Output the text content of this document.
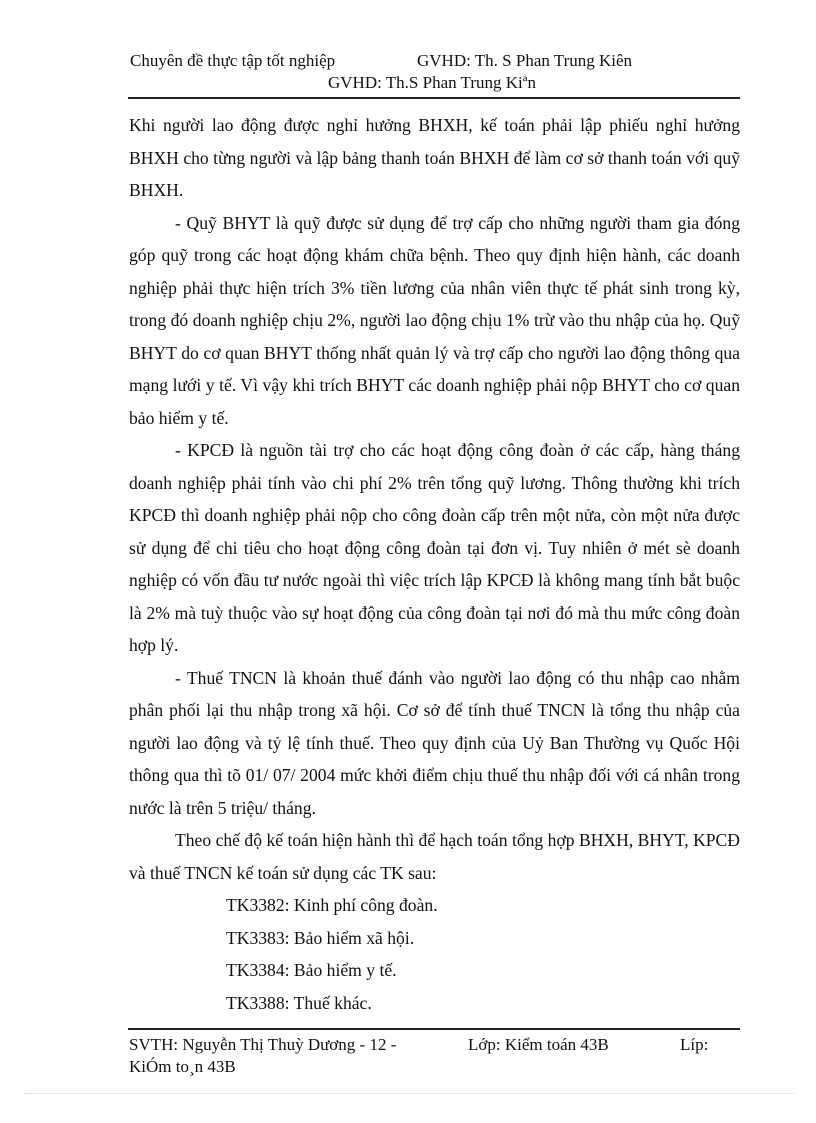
Chuyên đề thực tập tốt nghiệp	GVHD: Th. S Phan Trung Kiên
GVHD: Th.S Phan Trung Kiªn

Khi người lao động được nghỉ hưởng BHXH, kế toán phải lập phiếu nghỉ hưởng BHXH cho từng người và lập bảng thanh toán BHXH để làm cơ sở thanh toán với quỹ BHXH.

- Quỹ BHYT là quỹ được sử dụng để trợ cấp cho những người tham gia đóng góp quỹ trong các hoạt động khám chữa bệnh. Theo quy định hiện hành, các doanh nghiệp phải thực hiện trích 3% tiền lương của nhân viên thực tế phát sinh trong kỳ, trong đó doanh nghiệp chịu 2%, người lao động chịu 1% trừ vào thu nhập của họ. Quỹ BHYT do cơ quan BHYT thống nhất quản lý và trợ cấp cho người lao động thông qua mạng lưới y tế. Vì vậy khi trích BHYT các doanh nghiệp phải nộp BHYT cho cơ quan bảo hiểm y tế.

- KPCĐ là nguồn tài trợ cho các hoạt động công đoàn ở các cấp, hàng tháng doanh nghiệp phải tính vào chi phí 2% trên tổng quỹ lương. Thông thường khi trích KPCĐ thì doanh nghiệp phải nộp cho công đoàn cấp trên một nửa, còn một nửa được sử dụng để chi tiêu cho hoạt động công đoàn tại đơn vị. Tuy nhiên ở mét sè doanh nghiệp có vốn đầu tư nước ngoài thì việc trích lập KPCĐ là không mang tính bắt buộc là 2% mà tuỳ thuộc vào sự hoạt động của công đoàn tại nơi đó mà thu mức công đoàn hợp lý.

- Thuế TNCN là khoản thuế đánh vào người lao động có thu nhập cao nhằm phân phối lại thu nhập trong xã hội. Cơ sở để tính thuế TNCN là tổng thu nhập của người lao động và tỷ lệ tính thuế. Theo quy định của Uỷ Ban Thường vụ Quốc Hội thông qua thì tõ 01/ 07/ 2004 mức khởi điểm chịu thuế thu nhập đối với cá nhân trong nước là trên 5 triệu/ tháng.

Theo chế độ kế toán hiện hành thì để hạch toán tổng hợp BHXH, BHYT, KPCĐ và thuế TNCN kế toán sử dụng các TK sau:

TK3382: Kinh phí công đoàn.

TK3383: Bảo hiểm xã hội.

TK3384: Bảo hiểm y tế.

TK3388: Thuế khác.

SVTH: Nguyễn Thị Thuỳ Dương - 12 -	Lớp: Kiểm toán 43B	Líp:
KiÓm to¸n 43B
